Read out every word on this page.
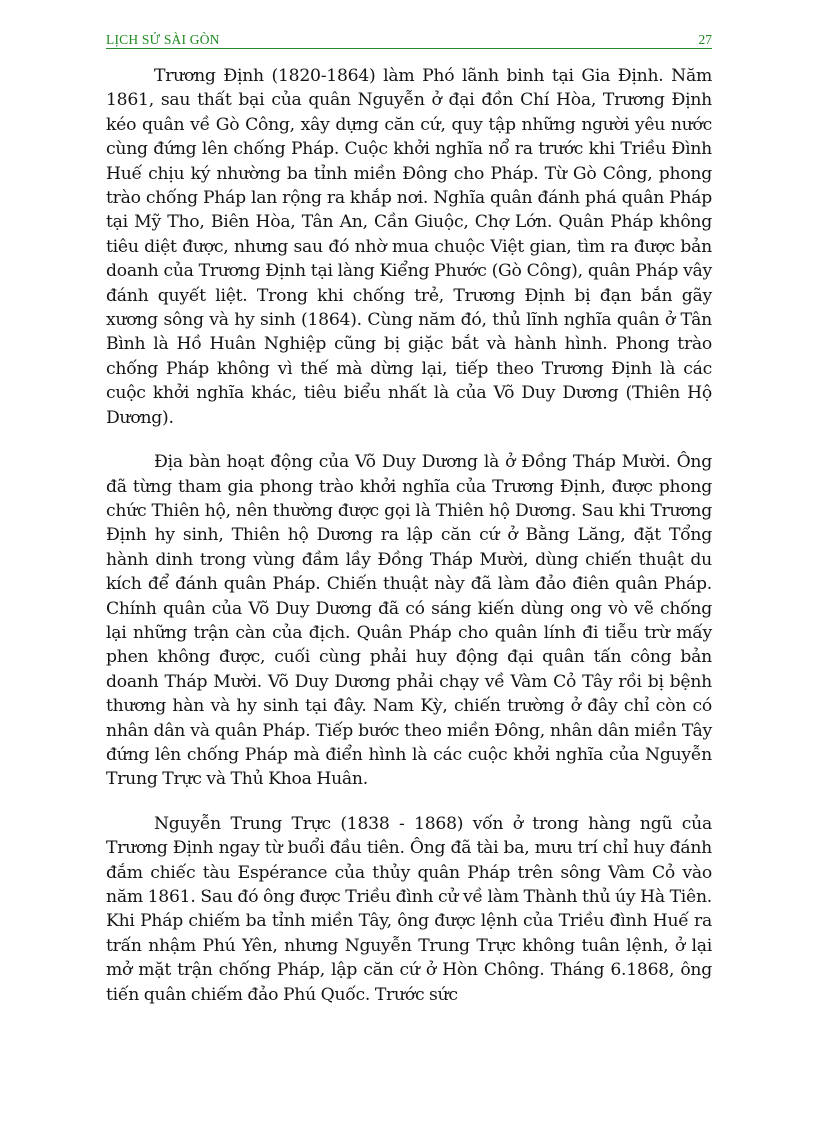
LỊCH SỬ SÀI GÒN	27

Trương Định (1820-1864) làm Phó lãnh binh tại Gia Định. Năm 1861, sau thất bại của quân Nguyễn ở đại đồn Chí Hòa, Trương Định kéo quân về Gò Công, xây dựng căn cứ, quy tập những người yêu nước cùng đứng lên chống Pháp. Cuộc khởi nghĩa nổ ra trước khi Triều Đình Huế chịu ký nhường ba tỉnh miền Đông cho Pháp. Từ Gò Công, phong trào chống Pháp lan rộng ra khắp nơi. Nghĩa quân đánh phá quân Pháp tại Mỹ Tho, Biên Hòa, Tân An, Cần Giuộc, Chợ Lớn. Quân Pháp không tiêu diệt được, nhưng sau đó nhờ mua chuộc Việt gian, tìm ra được bản doanh của Trương Định tại làng Kiểng Phước (Gò Công), quân Pháp vây đánh quyết liệt. Trong khi chống trẻ, Trương Định bị đạn bắn gãy xương sông và hy sinh (1864). Cùng năm đó, thủ lĩnh nghĩa quân ở Tân Bình là Hồ Huân Nghiệp cũng bị giặc bắt và hành hình. Phong trào chống Pháp không vì thế mà dừng lại, tiếp theo Trương Định là các cuộc khởi nghĩa khác, tiêu biểu nhất là của Võ Duy Dương (Thiên Hộ Dương).

Địa bàn hoạt động của Võ Duy Dương là ở Đồng Tháp Mười. Ông đã từng tham gia phong trào khởi nghĩa của Trương Định, được phong chức Thiên hộ, nên thường được gọi là Thiên hộ Dương. Sau khi Trương Định hy sinh, Thiên hộ Dương ra lập căn cứ ở Bằng Lăng, đặt Tổng hành dinh trong vùng đầm lầy Đồng Tháp Mười, dùng chiến thuật du kích để đánh quân Pháp. Chiến thuật này đã làm đảo điên quân Pháp. Chính quân của Võ Duy Dương đã có sáng kiến dùng ong vò vẽ chống lại những trận càn của địch. Quân Pháp cho quân lính đi tiễu trừ mấy phen không được, cuối cùng phải huy động đại quân tấn công bản doanh Tháp Mười. Võ Duy Dương phải chạy về Vàm Cỏ Tây rồi bị bệnh thương hàn và hy sinh tại đây. Nam Kỳ, chiến trường ở đây chỉ còn có nhân dân và quân Pháp. Tiếp bước theo miền Đông, nhân dân miền Tây đứng lên chống Pháp mà điển hình là các cuộc khởi nghĩa của Nguyễn Trung Trực và Thủ Khoa Huân.

Nguyễn Trung Trực (1838 - 1868) vốn ở trong hàng ngũ của Trương Định ngay từ buổi đầu tiên. Ông đã tài ba, mưu trí chỉ huy đánh đắm chiếc tàu Espérance của thủy quân Pháp trên sông Vàm Cỏ vào năm 1861. Sau đó ông được Triều đình cử về làm Thành thủ úy Hà Tiên. Khi Pháp chiếm ba tỉnh miền Tây, ông được lệnh của Triều đình Huế ra trấn nhậm Phú Yên, nhưng Nguyễn Trung Trực không tuân lệnh, ở lại mở mặt trận chống Pháp, lập căn cứ ở Hòn Chông. Tháng 6.1868, ông tiến quân chiếm đảo Phú Quốc. Trước sức
